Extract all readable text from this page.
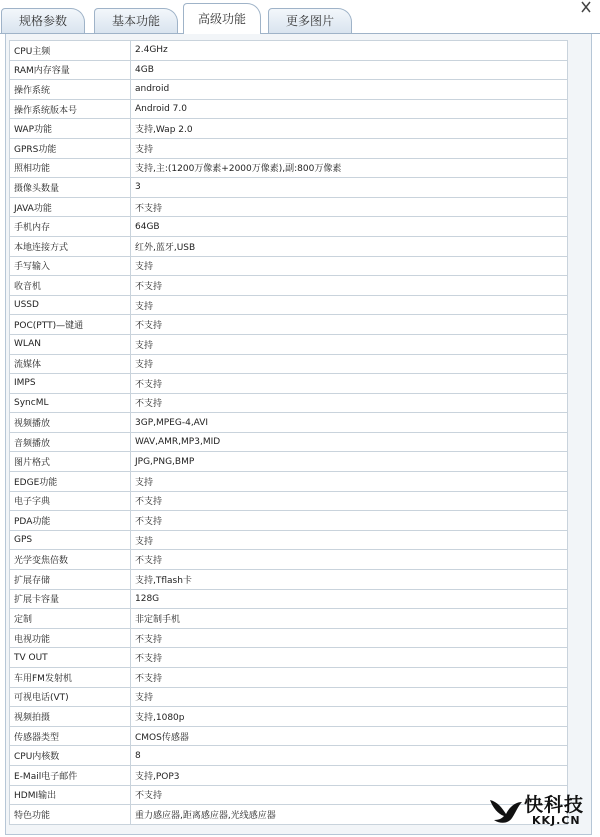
规格参数	基本功能	高级功能	更多图片
CPU主频	2.4GHz
RAM内存容量	4GB
操作系统	android
操作系统版本号	Android 7.0
WAP功能	支持,Wap 2.0
GPRS功能	支持
照相功能	支持,主:(1200万像素+2000万像素),副:800万像素
摄像头数量	3
JAVA功能	不支持
手机内存	64GB
本地连接方式	红外,蓝牙,USB
手写输入	支持
收音机	不支持
USSD	支持
POC(PTT)—键通	不支持
WLAN	支持
流媒体	支持
IMPS	不支持
SyncML	不支持
视频播放	3GP,MPEG-4,AVI
音频播放	WAV,AMR,MP3,MID
图片格式	JPG,PNG,BMP
EDGE功能	支持
电子字典	不支持
PDA功能	不支持
GPS	支持
光学变焦倍数	不支持
扩展存储	支持,Tflash卡
扩展卡容量	128G
定制	非定制手机
电视功能	不支持
TV OUT	不支持
车用FM发射机	不支持
可视电话(VT)	支持
视频拍摄	支持,1080p
传感器类型	CMOS传感器
CPU内核数	8
E-Mail电子邮件	支持,POP3
HDMI输出	不支持
特色功能	重力感应器,距离感应器,光线感应器	快科技
KKJ.CN
